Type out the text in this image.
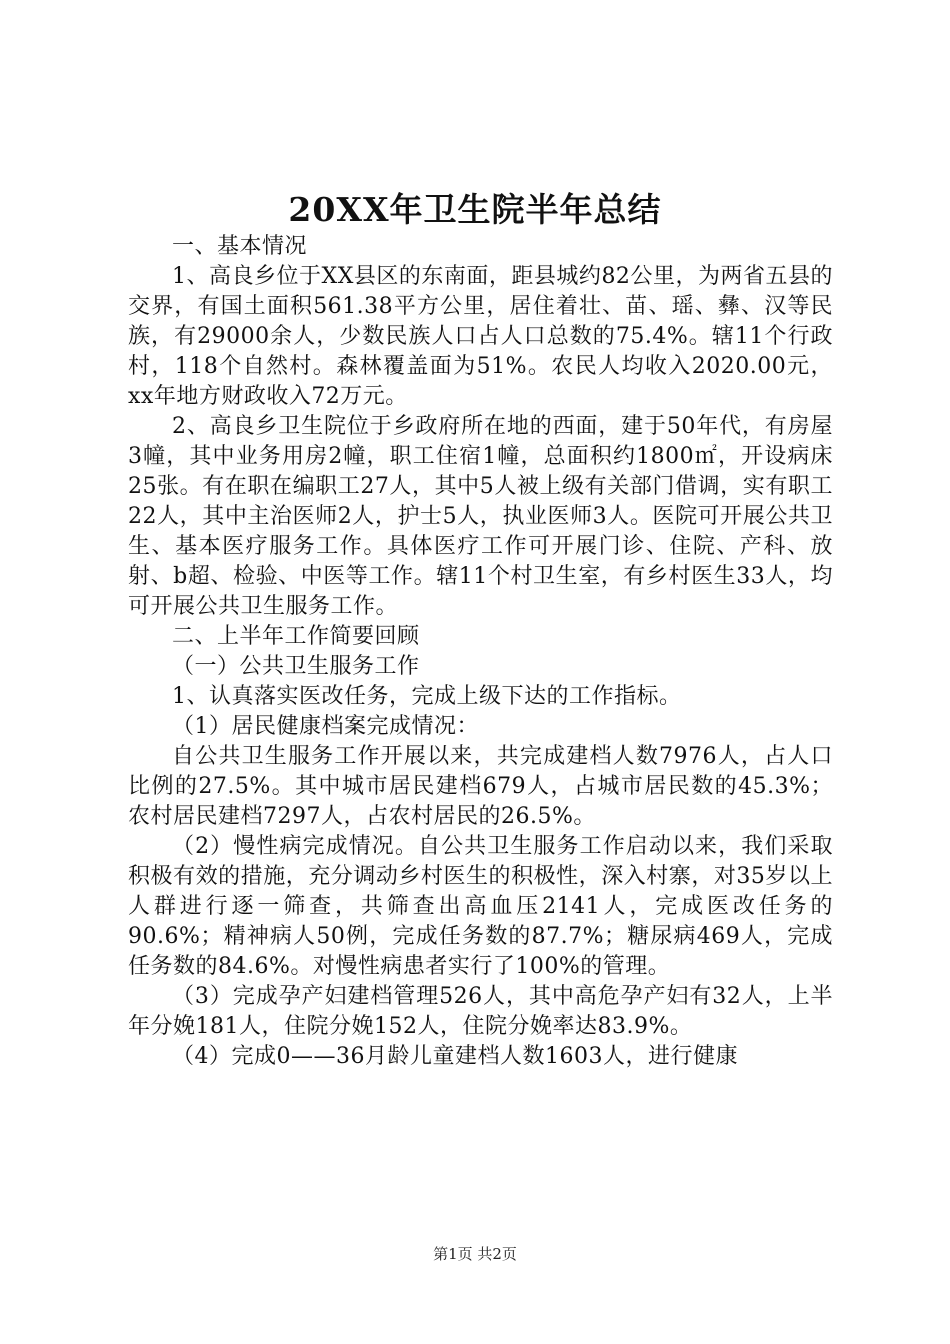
20XX年卫生院半年总结

一、基本情况

1、高良乡位于XX县区的东南面，距县城约82公里，为两省五县的交界，有国土面积561.38平方公里，居住着壮、苗、瑶、彝、汉等民族，有29000余人，少数民族人口占人口总数的75.4%。辖11个行政村，118个自然村。森林覆盖面为51%。农民人均收入2020.00元，xx年地方财政收入72万元。

2、高良乡卫生院位于乡政府所在地的西面，建于50年代，有房屋3幢，其中业务用房2幢，职工住宿1幢，总面积约1800㎡，开设病床25张。有在职在编职工27人，其中5人被上级有关部门借调，实有职工22人，其中主治医师2人，护士5人，执业医师3人。医院可开展公共卫生、基本医疗服务工作。具体医疗工作可开展门诊、住院、产科、放射、b超、检验、中医等工作。辖11个村卫生室，有乡村医生33人，均可开展公共卫生服务工作。

二、上半年工作简要回顾

（一）公共卫生服务工作

1、认真落实医改任务，完成上级下达的工作指标。

（1）居民健康档案完成情况：

自公共卫生服务工作开展以来，共完成建档人数7976人，占人口比例的27.5%。其中城市居民建档679人，占城市居民数的45.3%；农村居民建档7297人，占农村居民的26.5%。

（2）慢性病完成情况。自公共卫生服务工作启动以来，我们采取积极有效的措施，充分调动乡村医生的积极性，深入村寨，对35岁以上人群进行逐一筛查，共筛查出高血压2141人，完成医改任务的90.6%；精神病人50例，完成任务数的87.7%；糖尿病469人，完成任务数的84.6%。对慢性病患者实行了100%的管理。

（3）完成孕产妇建档管理526人，其中高危孕产妇有32人，上半年分娩181人，住院分娩152人，住院分娩率达83.9%。

（4）完成0——36月龄儿童建档人数1603人，进行健康

第1页 共2页
